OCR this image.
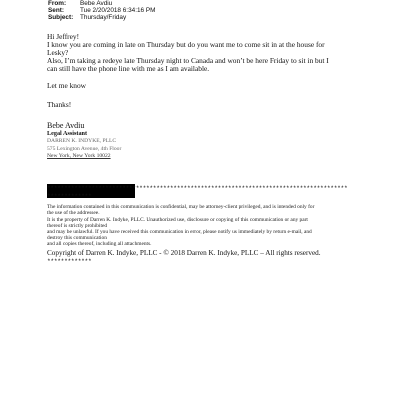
From: Bebe Avdiu
Sent:	Tue 2/20/2018 6:34:16 PM
Subject: Thursday/Friday
Hi Jeffrey!
I know you are coming in late on Thursday but do you want me to come sit in at the house for
Lesky?
Also, I’m taking a redeye late Thursday night to Canada and won’t be here Friday to sit in but I
can still have the phone line with me as I am available.
Let me know
Thanks!
Bebe Avdiu
Legal Assistant
DARREN K. INDYKE, PLLC
575 Lexington Avenue, 4th Floor
New York, New York 10022
****************************************************************************************
*************
The information contained in this communication is confidential, may be attorney-client privileged, and is intended only for
the use of the addressee.
It is the property of Darren K. Indyke, PLLC. Unauthorized use, disclosure or copying of this communication or any part
thereof is strictly prohibited
and may be unlawful. If you have received this communication in error, please notify us immediately by return e-mail, and
destroy this communication
and all copies thereof, including all attachments.
Copyright of Darren K. Indyke, PLLC - © 2018 Darren K. Indyke, PLLC – All rights reserved.
*************
